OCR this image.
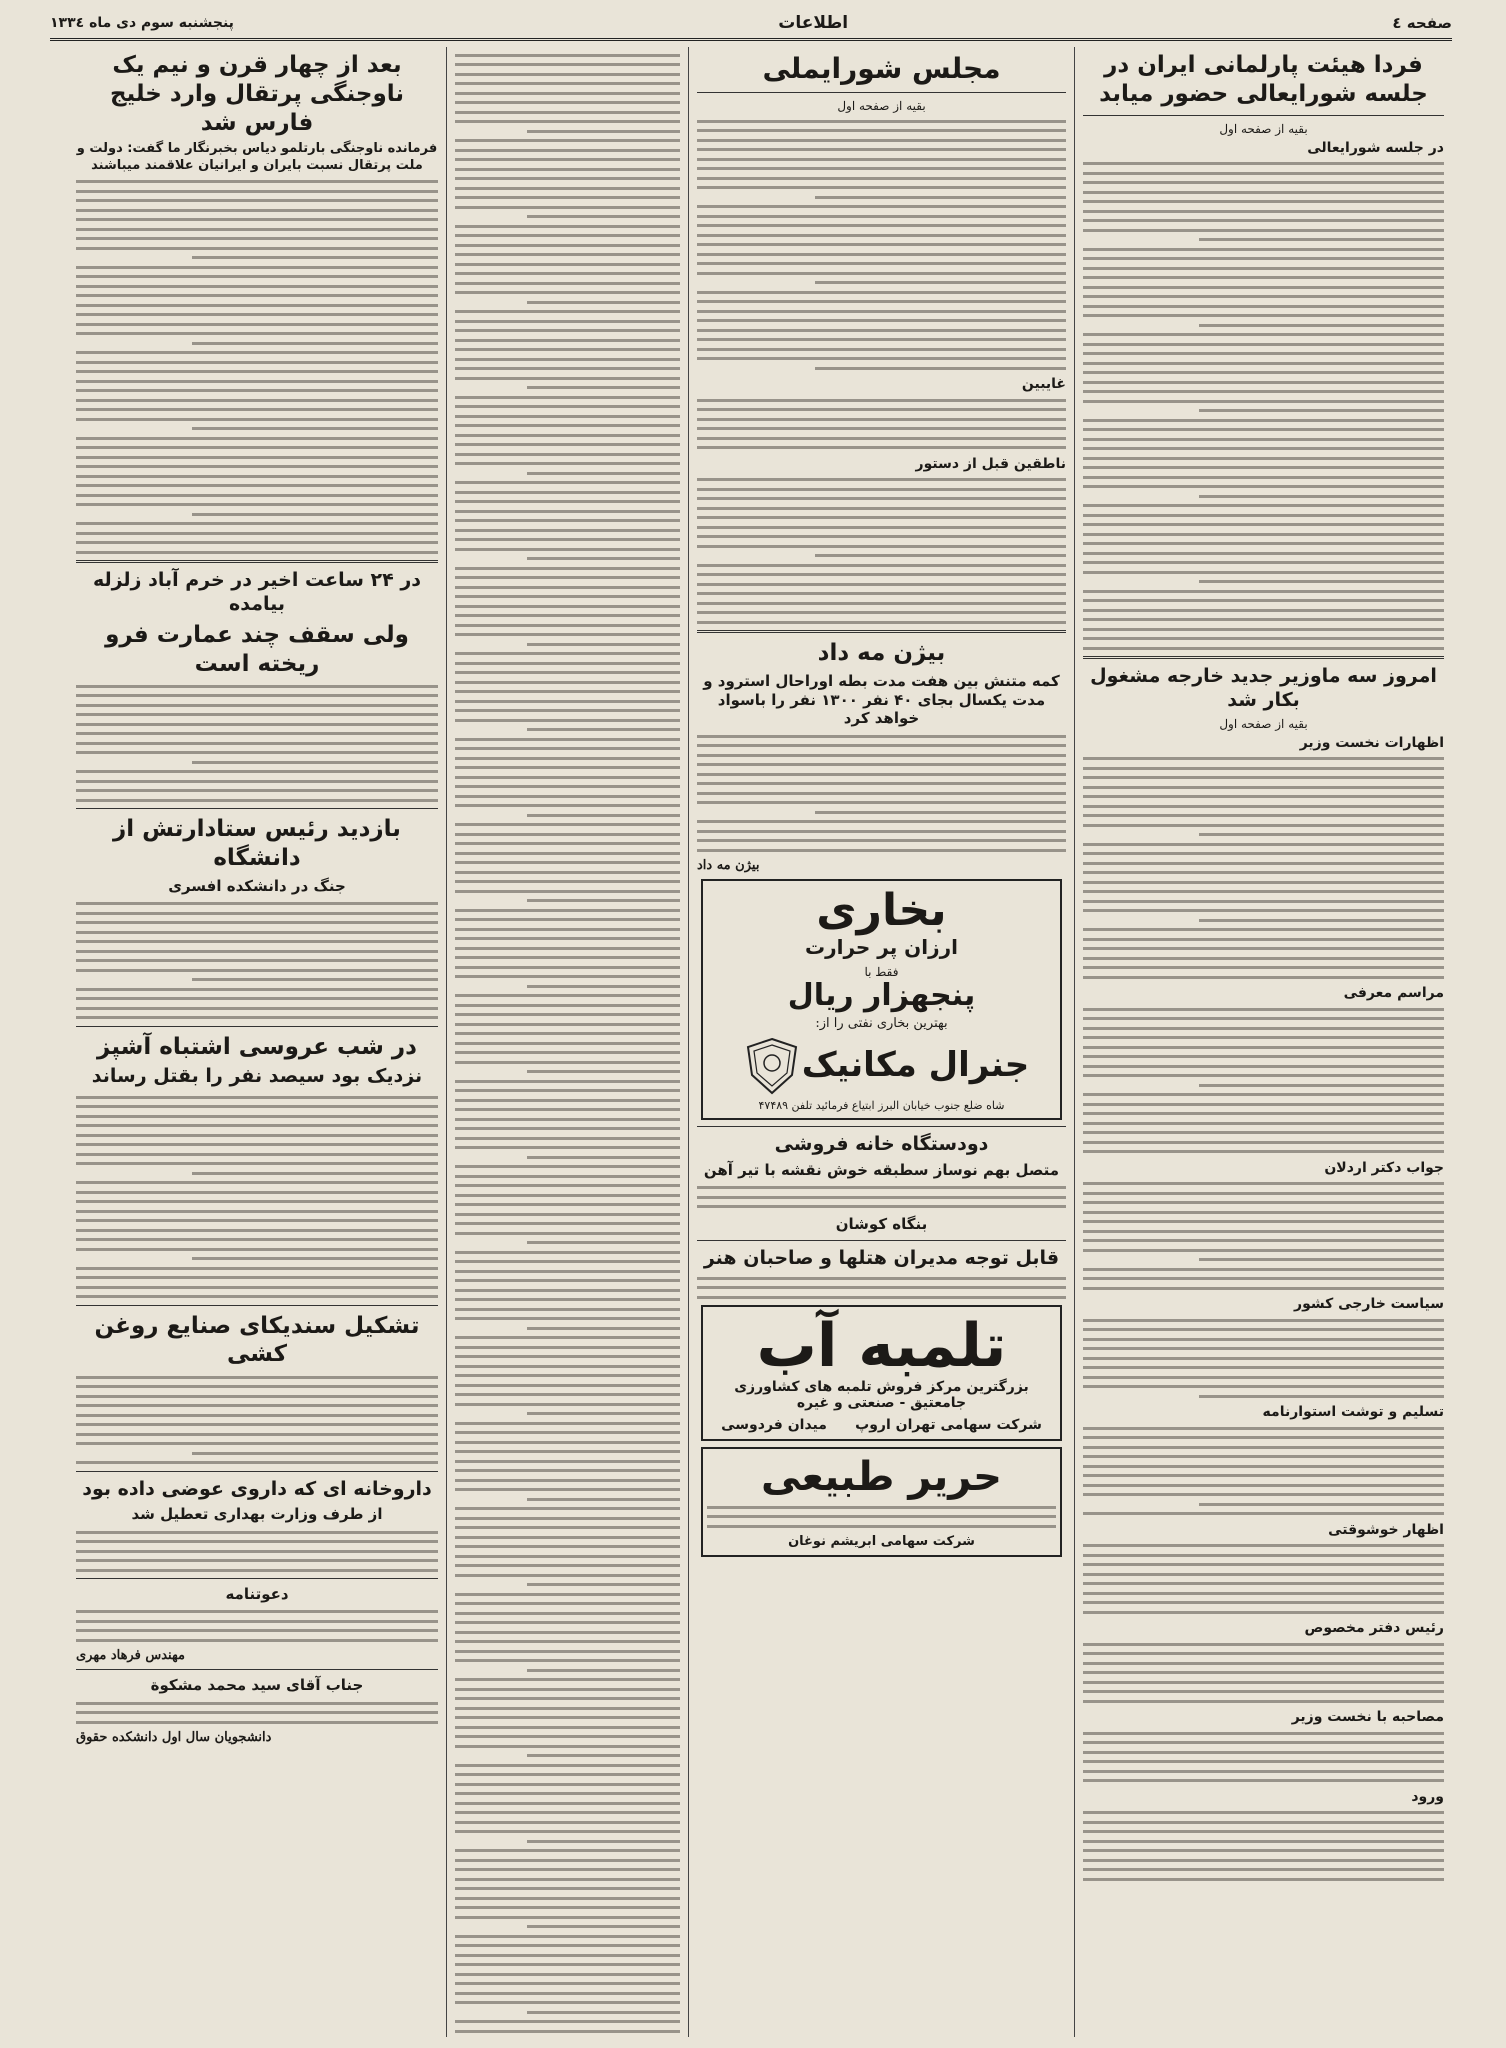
صفحه ٤
اطلاعات
پنجشنبه سوم دی ماه ۱۳۳٤
فردا هیئت پارلمانی ایران در جلسه شورایعالی حضور میابد
بقیه از صفحه اول
در جلسه شورایعالی
امروز سه ماوزیر جدید خارجه مشغول بکار شد
بقیه از صفحه اول
اظهارات نخست وزیر
مراسم معرفی
جواب دکتر اردلان
سیاست خارجی کشور
تسلیم و توشت استوارنامه
اظهار خوشوقتی
رئیس دفتر مخصوص
مصاحبه با نخست وزیر
ورود
مجلس شورایملی
بقیه از صفحه اول
غایبین
ناطقین قبل از دستور
بیژن مه داد
کمه متنش بین هفت مدت بطه اوراحال استرود و مدت یکسال بجای ۴۰ نفر ۱۳۰۰ نفر را باسواد خواهد کرد
بیژن مه داد
بخاری
ارزان پر حرارت
فقط با
پنجهزار ریال
بهترین بخاری نفتی را از:
جنرال مکانیک
شاه ضلع جنوب خیابان البرز ابتیاع فرمائید تلفن ۴۷۴۸۹
دودستگاه خانه فروشی
متصل بهم نوساز سطبقه خوش نقشه با تیر آهن
بنگاه کوشان
قابل توجه مدیران هتلها و صاحبان هنر
تلمبه آب
بزرگترین مرکز فروش تلمبه های کشاورزی جامعتیق - صنعتی و غیره
شرکت سهامی تهران اروپ
میدان فردوسی
حریر طبیعی
شرکت سهامی ابریشم نوغان
بعد از چهار قرن و نیم یک ناوجنگی پرتقال وارد خلیج فارس شد
فرمانده ناوجنگی بارتلمو دیاس بخبرنگار ما گفت: دولت و ملت پرتقال نسبت بایران و ایرانیان علاقمند میباشند
در ۲۴ ساعت اخیر در خرم آباد زلزله بیامده
ولی سقف چند عمارت فرو ریخته است
بازدید رئیس ستادارتش از دانشگاه
جنگ در دانشکده افسری
در شب عروسی اشتباه آشپز
نزدیک بود سیصد نفر را بقتل رساند
تشکیل سندیکای صنایع روغن کشی
داروخانه ای که داروی عوضی داده بود
از طرف وزارت بهداری تعطیل شد
دعوتنامه
مهندس فرهاد مهری
جناب آقای سید محمد مشکوة
دانشجویان سال اول دانشکده حقوق
